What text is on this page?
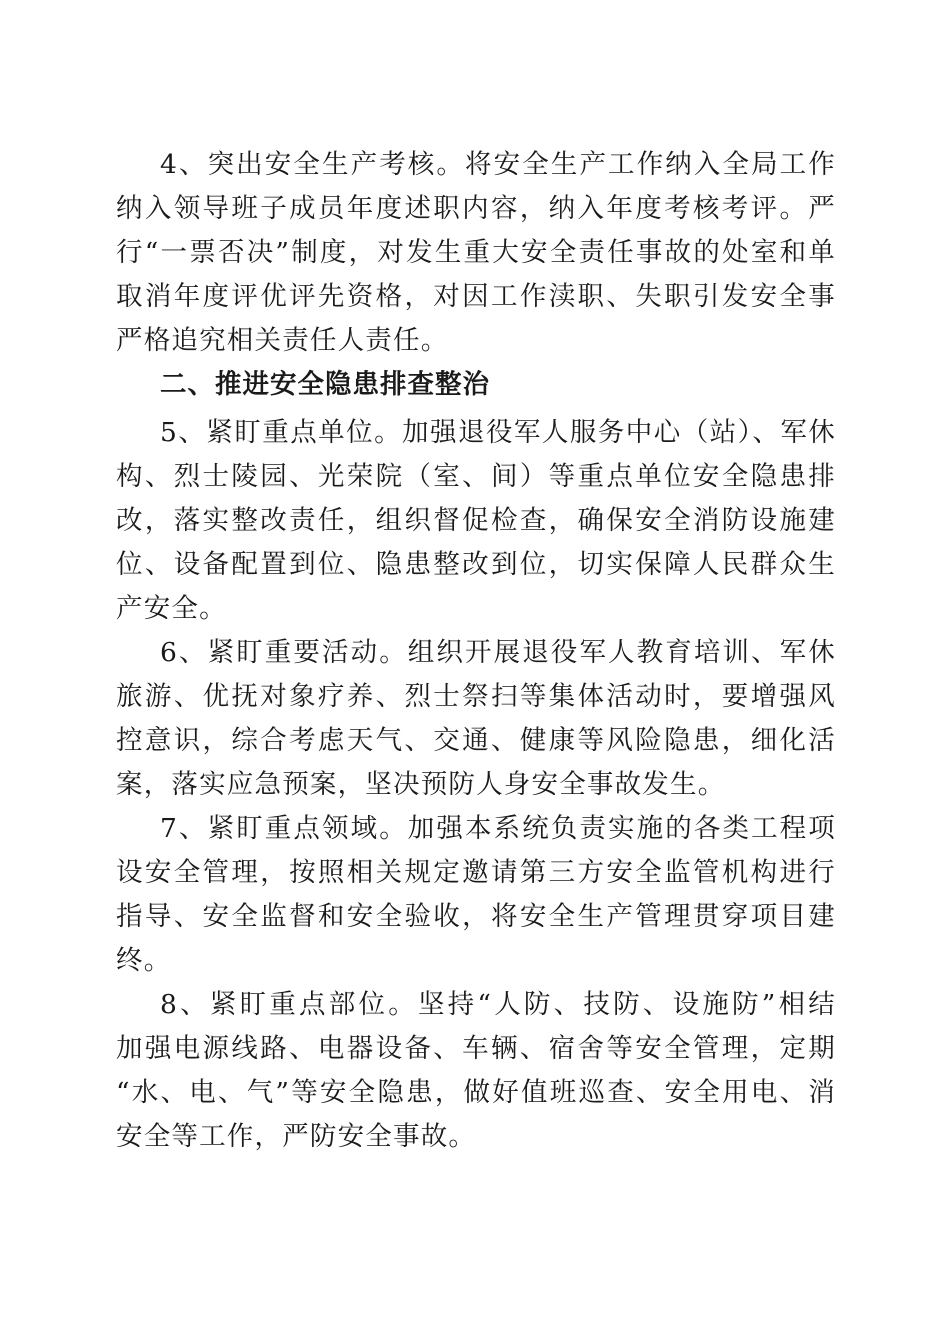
4、突出安全生产考核。将安全生产工作纳入全局工作
纳入领导班子成员年度述职内容，纳入年度考核考评。严
行“一票否决”制度，对发生重大安全责任事故的处室和单
取消年度评优评先资格，对因工作渎职、失职引发安全事
严格追究相关责任人责任。
二、推进安全隐患排查整治
5、紧盯重点单位。加强退役军人服务中心（站）、军休
构、烈士陵园、光荣院（室、间）等重点单位安全隐患排
改，落实整改责任，组织督促检查，确保安全消防设施建
位、设备配置到位、隐患整改到位，切实保障人民群众生
产安全。
6、紧盯重要活动。组织开展退役军人教育培训、军休
旅游、优抚对象疗养、烈士祭扫等集体活动时，要增强风
控意识，综合考虑天气、交通、健康等风险隐患，细化活
案，落实应急预案，坚决预防人身安全事故发生。
7、紧盯重点领域。加强本系统负责实施的各类工程项
设安全管理，按照相关规定邀请第三方安全监管机构进行
指导、安全监督和安全验收，将安全生产管理贯穿项目建
终。
8、紧盯重点部位。坚持“人防、技防、设施防”相结
加强电源线路、电器设备、车辆、宿舍等安全管理，定期
“水、电、气”等安全隐患，做好值班巡查、安全用电、消
安全等工作，严防安全事故。
